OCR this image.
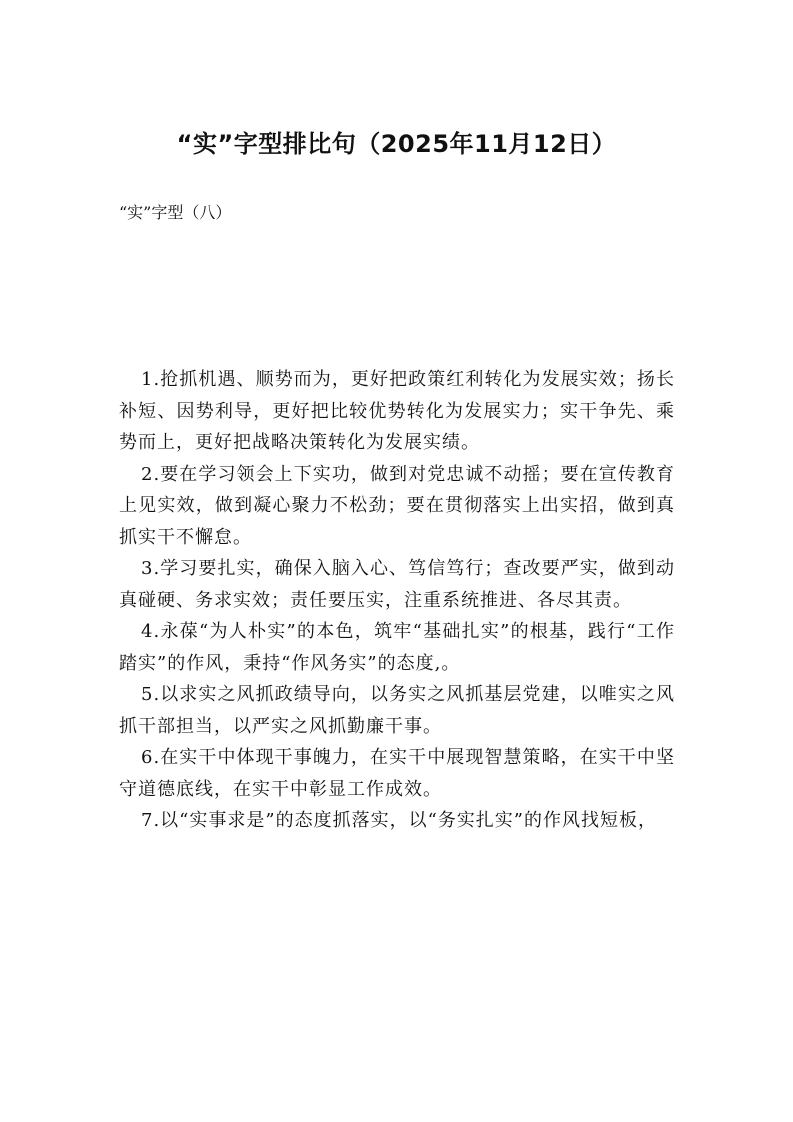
“实”字型排比句（2025年11月12日）
“实”字型（八）

1.抢抓机遇、顺势而为，更好把政策红利转化为发展实效；扬长补短、因势利导，更好把比较优势转化为发展实力；实干争先、乘势而上，更好把战略决策转化为发展实绩。

2.要在学习领会上下实功，做到对党忠诚不动摇；要在宣传教育上见实效，做到凝心聚力不松劲；要在贯彻落实上出实招，做到真抓实干不懈怠。

3.学习要扎实，确保入脑入心、笃信笃行；查改要严实，做到动真碰硬、务求实效；责任要压实，注重系统推进、各尽其责。

4.永葆“为人朴实”的本色，筑牢“基础扎实”的根基，践行“工作踏实”的作风，秉持“作风务实”的态度,。

5.以求实之风抓政绩导向，以务实之风抓基层党建，以唯实之风抓干部担当，以严实之风抓勤廉干事。

6.在实干中体现干事魄力，在实干中展现智慧策略，在实干中坚守道德底线，在实干中彰显工作成效。

7.以“实事求是”的态度抓落实，以“务实扎实”的作风找短板，
